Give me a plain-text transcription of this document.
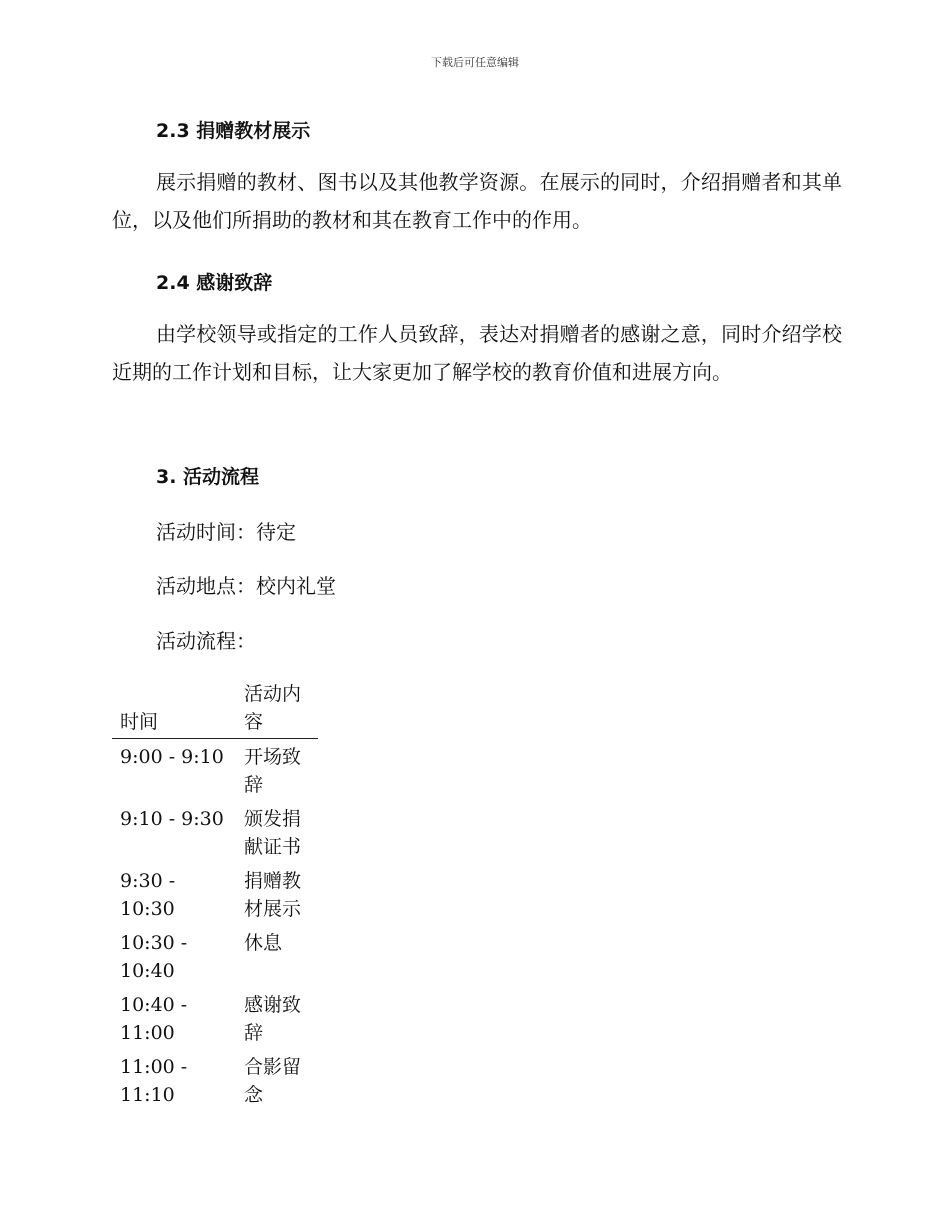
下载后可任意编辑
2.3 捐赠教材展示
展示捐赠的教材、图书以及其他教学资源。在展示的同时，介绍捐赠者和其单位，以及他们所捐助的教材和其在教育工作中的作用。
2.4 感谢致辞
由学校领导或指定的工作人员致辞，表达对捐赠者的感谢之意，同时介绍学校近期的工作计划和目标，让大家更加了解学校的教育价值和进展方向。
3. 活动流程
活动时间：待定
活动地点：校内礼堂
活动流程：
时间	活动内容
9:00 - 9:10	开场致辞
9:10 - 9:30	颁发捐献证书
9:30 - 10:30	捐赠教材展示
10:30 - 10:40	休息
10:40 - 11:00	感谢致辞
11:00 - 11:10	合影留念
